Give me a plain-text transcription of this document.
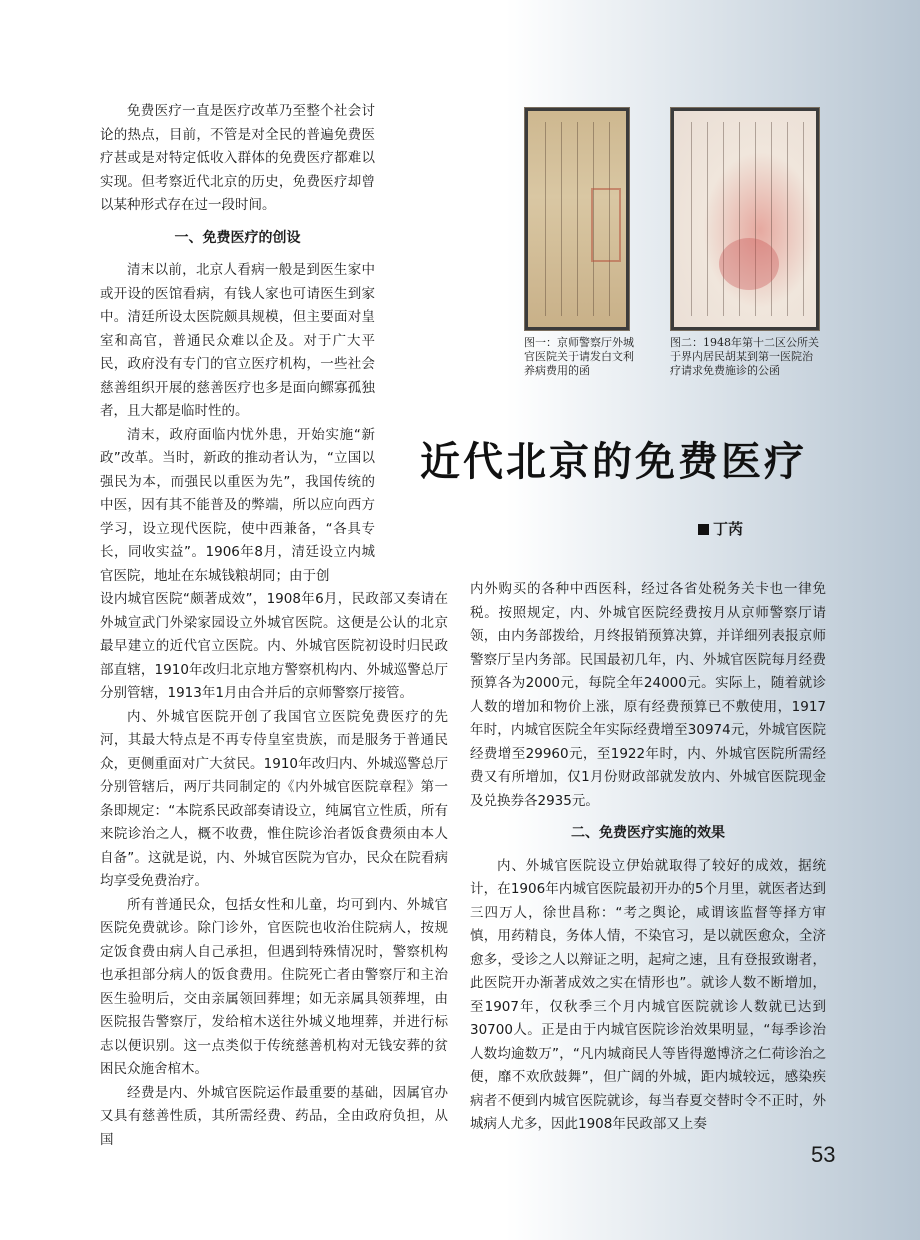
图一：京师警察厅外城官医院关于请发白文利养病费用的函
图二：1948年第十二区公所关于界内居民胡某到第一医院治疗请求免费施诊的公函
近代北京的免费医疗
丁芮

免费医疗一直是医疗改革乃至整个社会讨论的热点，目前，不管是对全民的普遍免费医疗甚或是对特定低收入群体的免费医疗都难以实现。但考察近代北京的历史，免费医疗却曾以某种形式存在过一段时间。

一、免费医疗的创设

清末以前，北京人看病一般是到医生家中或开设的医馆看病，有钱人家也可请医生到家中。清廷所设太医院颇具规模，但主要面对皇室和高官，普通民众难以企及。对于广大平民，政府没有专门的官立医疗机构，一些社会慈善组织开展的慈善医疗也多是面向鳏寡孤独者，且大都是临时性的。

清末，政府面临内忧外患，开始实施“新政”改革。当时，新政的推动者认为，“立国以强民为本，而强民以重医为先”，我国传统的中医，因有其不能普及的弊端，所以应向西方学习，设立现代医院，使中西兼备，“各具专长，同收实益”。1906年8月，清廷设立内城官医院，地址在东城钱粮胡同；由于创

设内城官医院“颇著成效”，1908年6月，民政部又奏请在外城宣武门外梁家园设立外城官医院。这便是公认的北京最早建立的近代官立医院。内、外城官医院初设时归民政部直辖，1910年改归北京地方警察机构内、外城巡警总厅分别管辖，1913年1月由合并后的京师警察厅接管。

内、外城官医院开创了我国官立医院免费医疗的先河，其最大特点是不再专侍皇室贵族，而是服务于普通民众，更侧重面对广大贫民。1910年改归内、外城巡警总厅分别管辖后，两厅共同制定的《内外城官医院章程》第一条即规定：“本院系民政部奏请设立，纯属官立性质，所有来院诊治之人，概不收费，惟住院诊治者饭食费须由本人自备”。这就是说，内、外城官医院为官办，民众在院看病均享受免费治疗。

所有普通民众，包括女性和儿童，均可到内、外城官医院免费就诊。除门诊外，官医院也收治住院病人，按规定饭食费由病人自己承担，但遇到特殊情况时，警察机构也承担部分病人的饭食费用。住院死亡者由警察厅和主治医生验明后，交由亲属领回葬埋；如无亲属具领葬埋，由医院报告警察厅，发给棺木送往外城义地埋葬，并进行标志以便识别。这一点类似于传统慈善机构对无钱安葬的贫困民众施舍棺木。

经费是内、外城官医院运作最重要的基础，因属官办又具有慈善性质，其所需经费、药品，全由政府负担，从国

内外购买的各种中西医科，经过各省处税务关卡也一律免税。按照规定，内、外城官医院经费按月从京师警察厅请领，由内务部拨给，月终报销预算决算，并详细列表报京师警察厅呈内务部。民国最初几年，内、外城官医院每月经费预算各为2000元，每院全年24000元。实际上，随着就诊人数的增加和物价上涨，原有经费预算已不敷使用，1917年时，内城官医院全年实际经费增至30974元，外城官医院经费增至29960元，至1922年时，内、外城官医院所需经费又有所增加，仅1月份财政部就发放内、外城官医院现金及兑换券各2935元。

二、免费医疗实施的效果

内、外城官医院设立伊始就取得了较好的成效，据统计，在1906年内城官医院最初开办的5个月里，就医者达到三四万人，徐世昌称：“考之舆论，咸谓该监督等择方审慎，用药精良，务体人情，不染官习，是以就医愈众，全济愈多，受诊之人以辩证之明，起疴之速，且有登报致谢者，此医院开办渐著成效之实在情形也”。就诊人数不断增加，至1907年，仅秋季三个月内城官医院就诊人数就已达到30700人。正是由于内城官医院诊治效果明显，“每季诊治人数均逾数万”，“凡内城商民人等皆得邀博济之仁荷诊治之便，靡不欢欣鼓舞”，但广阔的外城，距内城较远，感染疾病者不便到内城官医院就诊，每当春夏交替时令不正时，外城病人尤多，因此1908年民政部又上奏

53
